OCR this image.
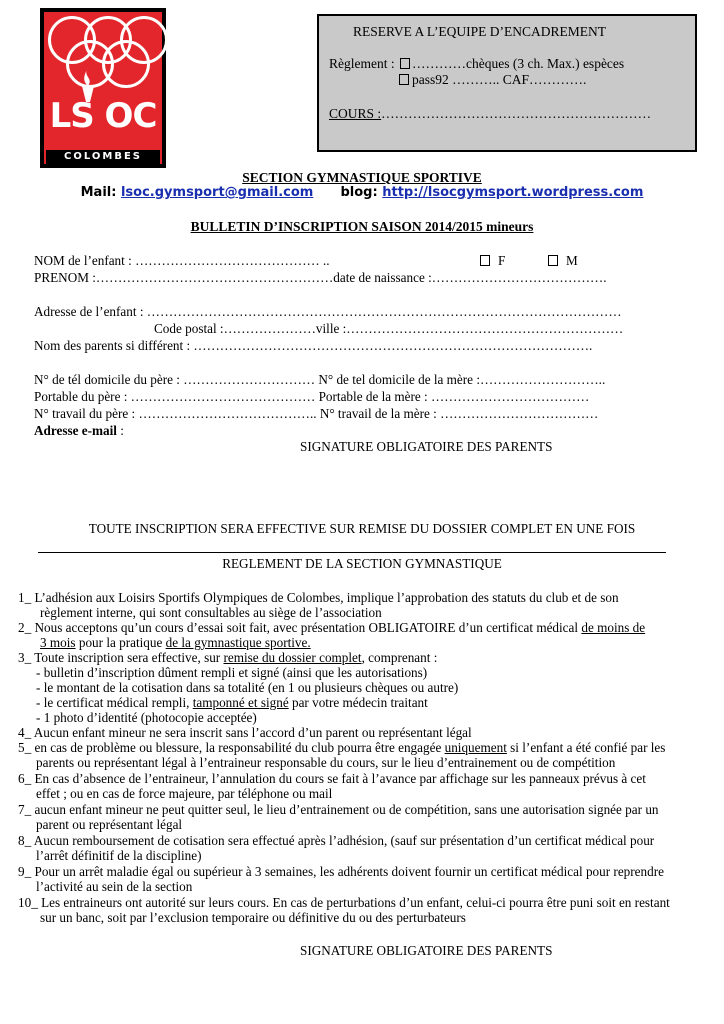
LS OC
COLOMBES
RESERVE A L’EQUIPE D’ENCADREMENT
Règlement : …………chèques (3 ch. Max.) espèces
pass92 ……….. CAF………….
COURS :……………………………………………………
SECTION GYMNASTIQUE SPORTIVE
Mail: lsoc.gymsport@gmail.com blog: http://lsocgymsport.wordpress.com
BULLETIN D’INSCRIPTION SAISON 2014/2015 mineurs
NOM de l’enfant : …………………………………… ..	F	M
PRENOM :………………………………………………date de naissance :………………………………….
Adresse de l’enfant : ………………………………………………………………………………………………
Code postal :…………………ville :………………………………………………………
Nom des parents si différent : ……………………………………………………………………………….
N° de tél domicile du père : ………………………… N° de tel domicile de la mère :………………………..
Portable du père : …………………………………… Portable de la mère : ………………………………
N° travail du père : ………………………………….. N° travail de la mère : ………………………………
Adresse e-mail :
SIGNATURE OBLIGATOIRE DES PARENTS
TOUTE INSCRIPTION SERA EFFECTIVE SUR REMISE DU DOSSIER COMPLET EN UNE FOIS
REGLEMENT DE LA SECTION GYMNASTIQUE
1_ L’adhésion aux Loisirs Sportifs Olympiques de Colombes, implique l’approbation des statuts du club et de son
règlement interne, qui sont consultables au siège de l’association
2_ Nous acceptons qu’un cours d’essai soit fait, avec présentation OBLIGATOIRE d’un certificat médical de moins de
3 mois pour la pratique de la gymnastique sportive.
3_ Toute inscription sera effective, sur remise du dossier complet, comprenant :
- bulletin d’inscription dûment rempli et signé (ainsi que les autorisations)
- le montant de la cotisation dans sa totalité (en 1 ou plusieurs chèques ou autre)
- le certificat médical rempli, tamponné et signé par votre médecin traitant
- 1 photo d’identité (photocopie acceptée)
4_ Aucun enfant mineur ne sera inscrit sans l’accord d’un parent ou représentant légal
5_ en cas de problème ou blessure, la responsabilité du club pourra être engagée uniquement si l’enfant a été confié par les
parents ou représentant légal à l’entraineur responsable du cours, sur le lieu d’entrainement ou de compétition
6_ En cas d’absence de l’entraineur, l’annulation du cours se fait à l’avance par affichage sur les panneaux prévus à cet
effet ; ou en cas de force majeure, par téléphone ou mail
7_ aucun enfant mineur ne peut quitter seul, le lieu d’entrainement ou de compétition, sans une autorisation signée par un
parent ou représentant légal
8_ Aucun remboursement de cotisation sera effectué après l’adhésion, (sauf sur présentation d’un certificat médical pour
l’arrêt définitif de la discipline)
9_ Pour un arrêt maladie égal ou supérieur à 3 semaines, les adhérents doivent fournir un certificat médical pour reprendre
l’activité au sein de la section
10_ Les entraineurs ont autorité sur leurs cours. En cas de perturbations d’un enfant, celui-ci pourra être puni soit en restant
sur un banc, soit par l’exclusion temporaire ou définitive du ou des perturbateurs
SIGNATURE OBLIGATOIRE DES PARENTS
